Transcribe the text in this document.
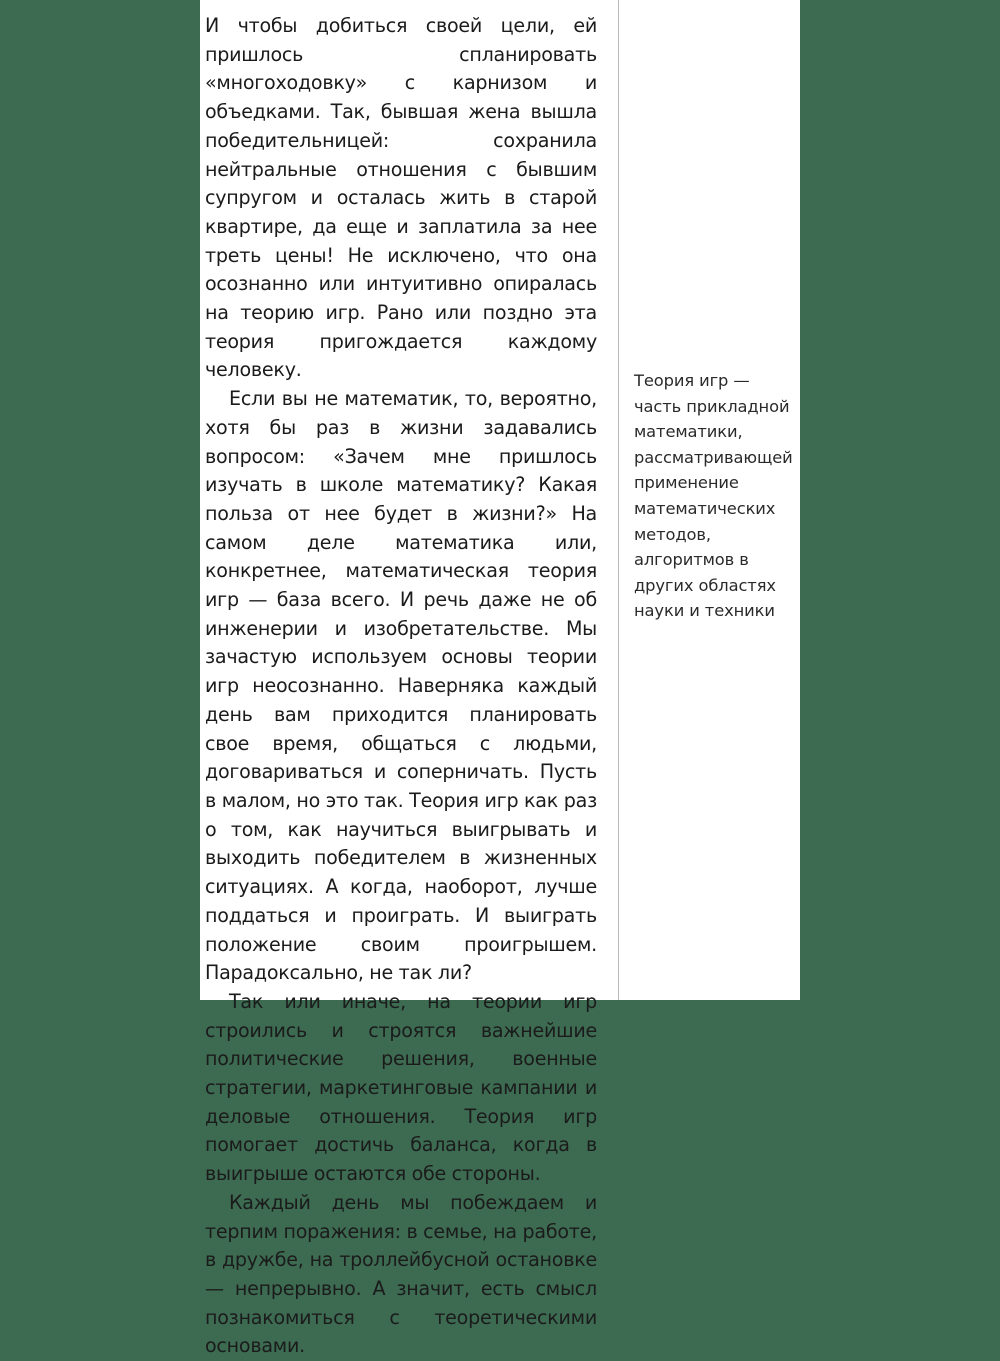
И чтобы добиться своей цели, ей пришлось спланировать «многоходовку» с карнизом и объедками. Так, бывшая жена вышла победительницей: сохранила нейтральные отношения с бывшим супругом и осталась жить в старой квартире, да еще и заплатила за нее треть цены! Не исключено, что она осознанно или интуитивно опиралась на теорию игр. Рано или поздно эта теория пригождается каждому человеку.

Если вы не математик, то, вероятно, хотя бы раз в жизни задавались вопросом: «Зачем мне пришлось изучать в школе математику? Какая польза от нее будет в жизни?» На самом деле математика или, конкретнее, математическая теория игр — база всего. И речь даже не об инженерии и изобретательстве. Мы зачастую используем основы теории игр неосознанно. Наверняка каждый день вам приходится планировать свое время, общаться с людьми, договариваться и соперничать. Пусть в малом, но это так. Теория игр как раз о том, как научиться выигрывать и выходить победителем в жизненных ситуациях. А когда, наоборот, лучше поддаться и проиграть. И выиграть положение своим проигрышем. Парадоксально, не так ли?

Так или иначе, на теории игр строились и строятся важнейшие политические решения, военные стратегии, маркетинговые кампании и деловые отношения. Теория игр помогает достичь баланса, когда в выигрыше остаются обе стороны.

Каждый день мы побеждаем и терпим поражения: в семье, на работе, в дружбе, на троллейбусной остановке — непрерывно. А значит, есть смысл познакомиться с теоретическими основами.

Теория игр — часть прикладной математики, рассматривающей применение математических методов, алгоритмов в других областях науки и техники
